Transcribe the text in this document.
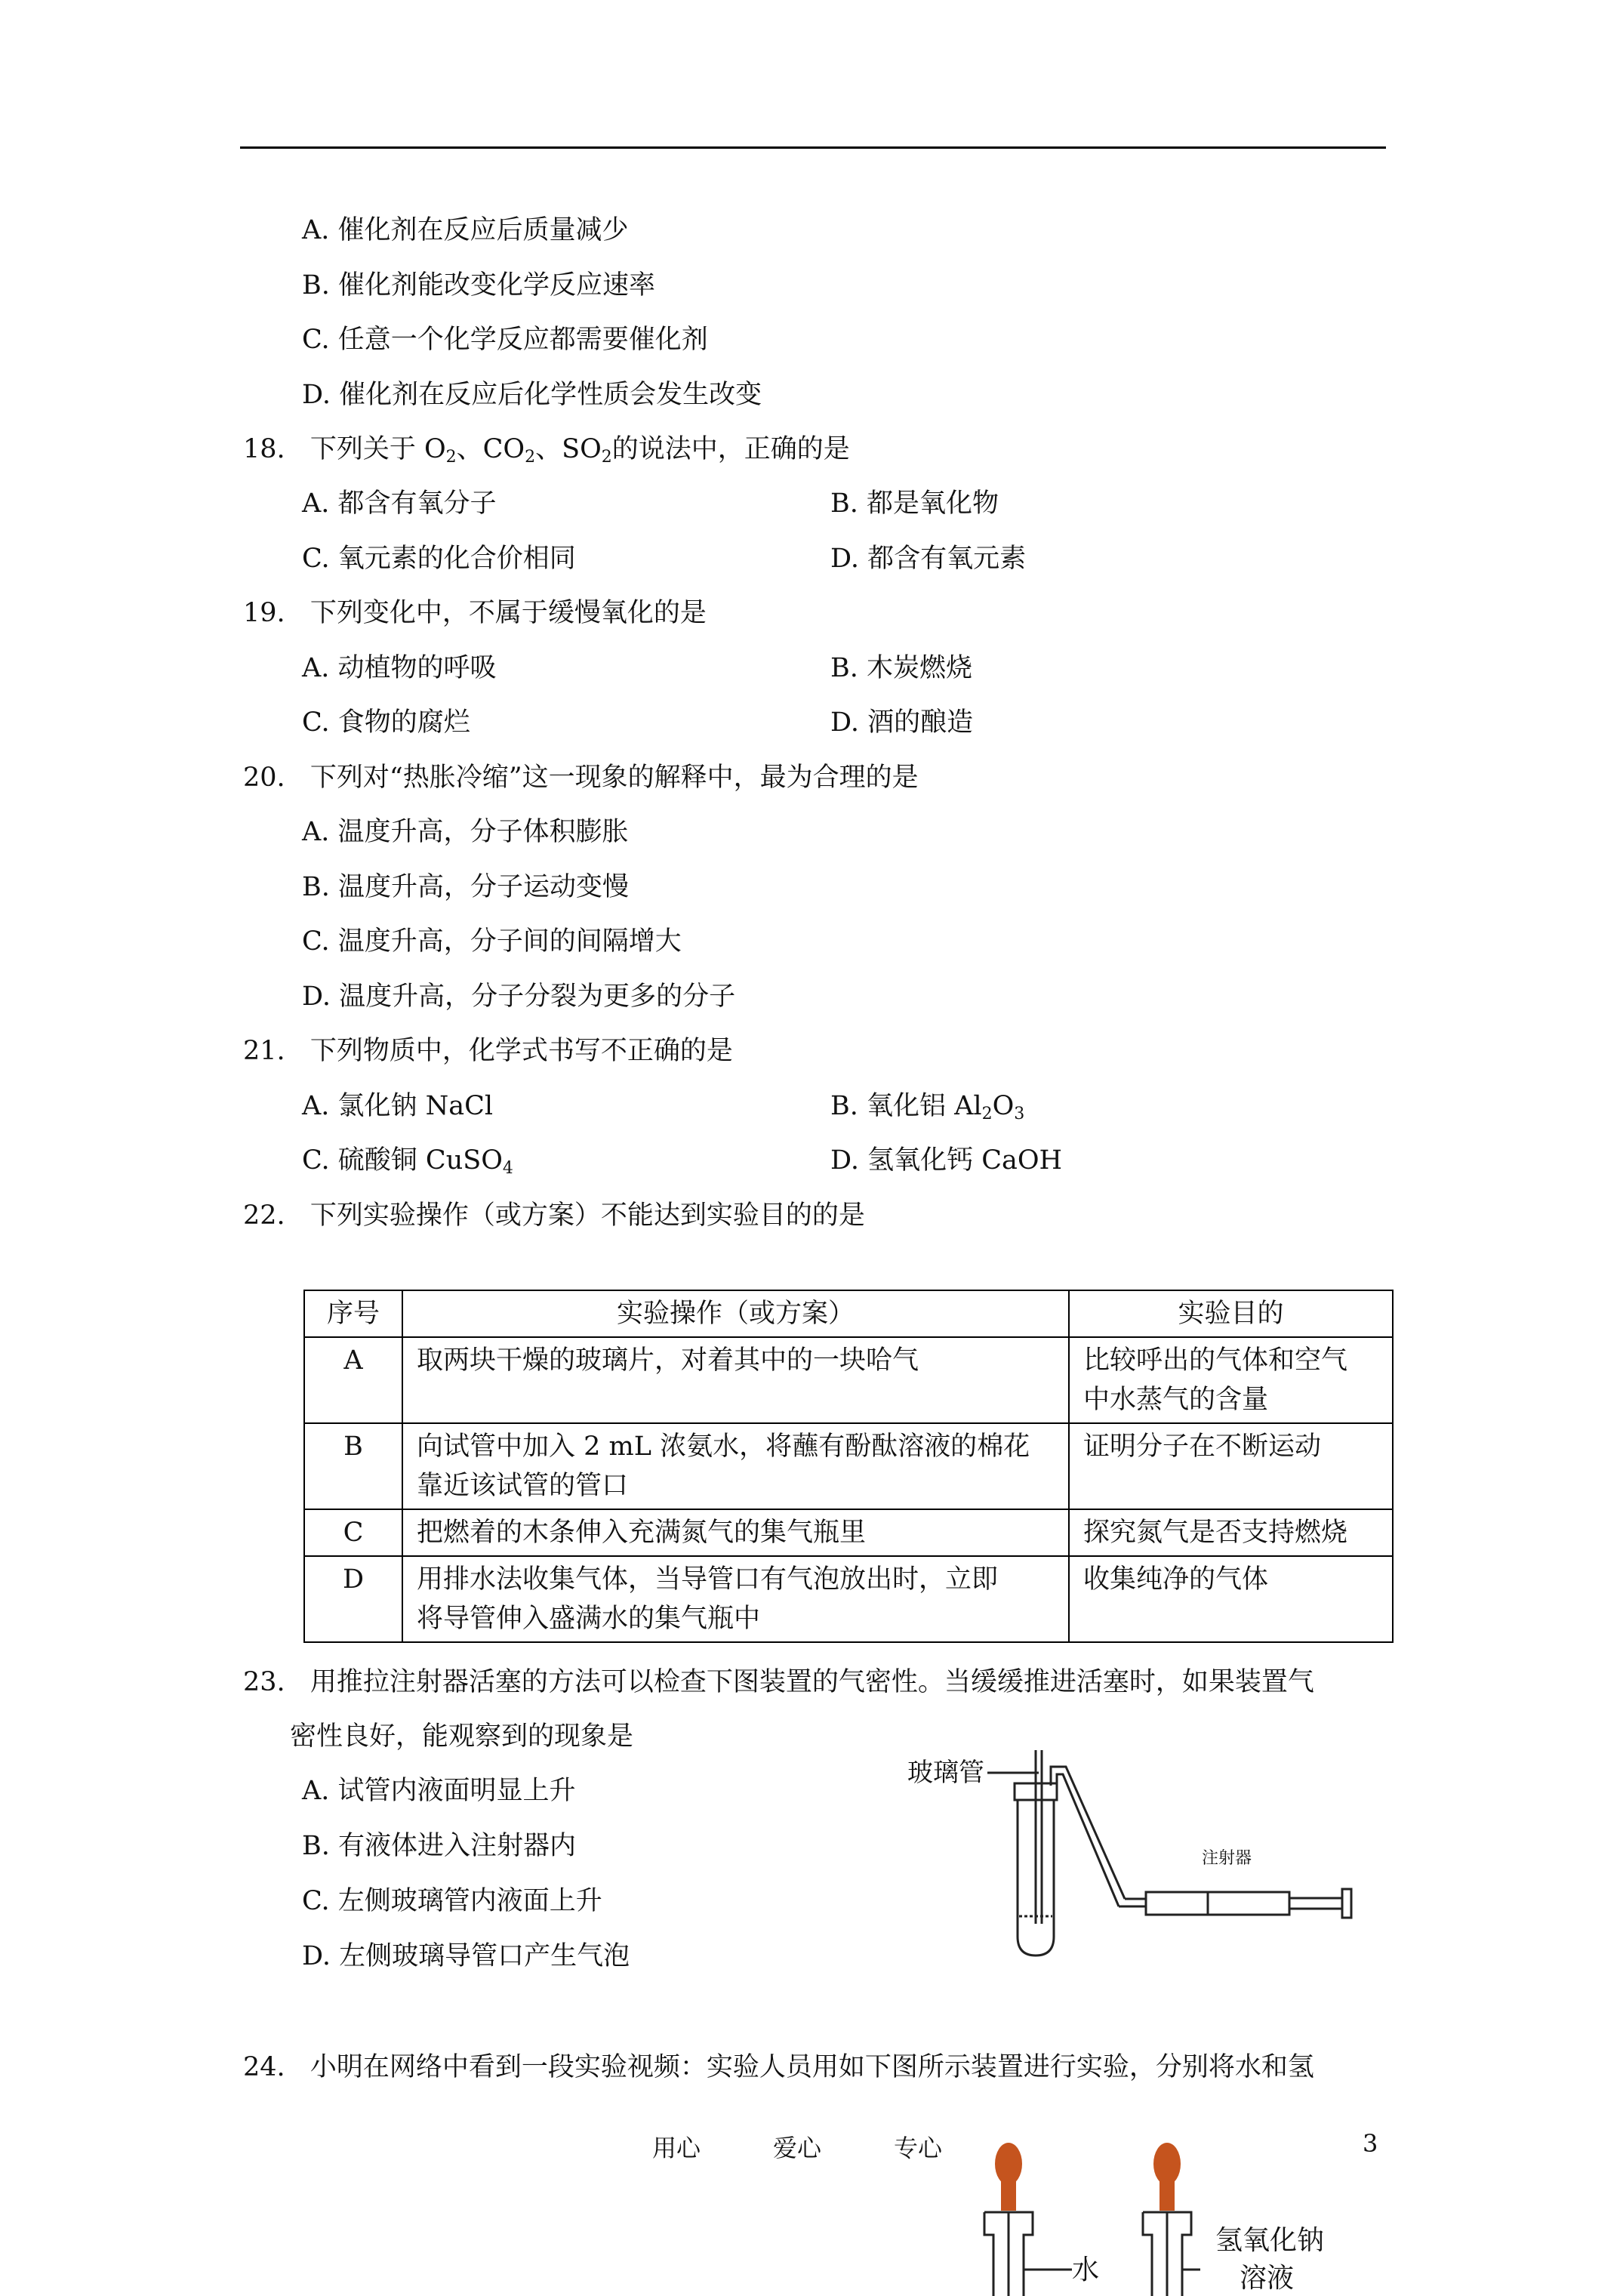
A. 催化剂在反应后质量减少
B. 催化剂能改变化学反应速率
C. 任意一个化学反应都需要催化剂
D. 催化剂在反应后化学性质会发生改变
18. 下列关于 $O_2$、$CO_2$、$SO_2$的说法中，正确的是
A. 都含有氧分子	B. 都是氧化物
C. 氧元素的化合价相同	D. 都含有氧元素
19. 下列变化中，不属于缓慢氧化的是
A. 动植物的呼吸	B. 木炭燃烧
C. 食物的腐烂	D. 酒的酿造
20. 下列对“热胀冷缩”这一现象的解释中，最为合理的是
A. 温度升高，分子体积膨胀
B. 温度升高，分子运动变慢
C. 温度升高，分子间的间隔增大
D. 温度升高，分子分裂为更多的分子
21. 下列物质中，化学式书写不正确的是
A. 氯化钠 NaCl	B. 氧化铝 $Al_2O_3$
C. 硫酸铜 CuSO$_4$	D. 氢氧化钙 CaOH
22. 下列实验操作（或方案）不能达到实验目的的是
序号	实验操作（或方案）	实验目的
A	取两块干燥的玻璃片，对着其中的一块哈气	比较呼出的气体和空气
中水蒸气的含量

B	向试管中加入 2 mL 浓氨水，将蘸有酚酞溶液的棉花
靠近该试管的管口	证明分子在不断运动

C	把燃着的木条伸入充满氮气的集气瓶里	探究氮气是否支持燃烧

D	用排水法收集气体，当导管口有气泡放出时，立即
将导管伸入盛满水的集气瓶中	收集纯净的气体
23. 用推拉注射器活塞的方法可以检查下图装置的气密性。当缓缓推进活塞时，如果装置气
密性良好，能观察到的现象是
A. 试管内液面明显上升
B. 有液体进入注射器内
C. 左侧玻璃管内液面上升
D. 左侧玻璃导管口产生气泡
玻璃管
注射器
24. 小明在网络中看到一段实验视频：实验人员用如下图所示装置进行实验，分别将水和氢
用心　　　爱心　　　专心	3
水
氢氧化钠
溶液
